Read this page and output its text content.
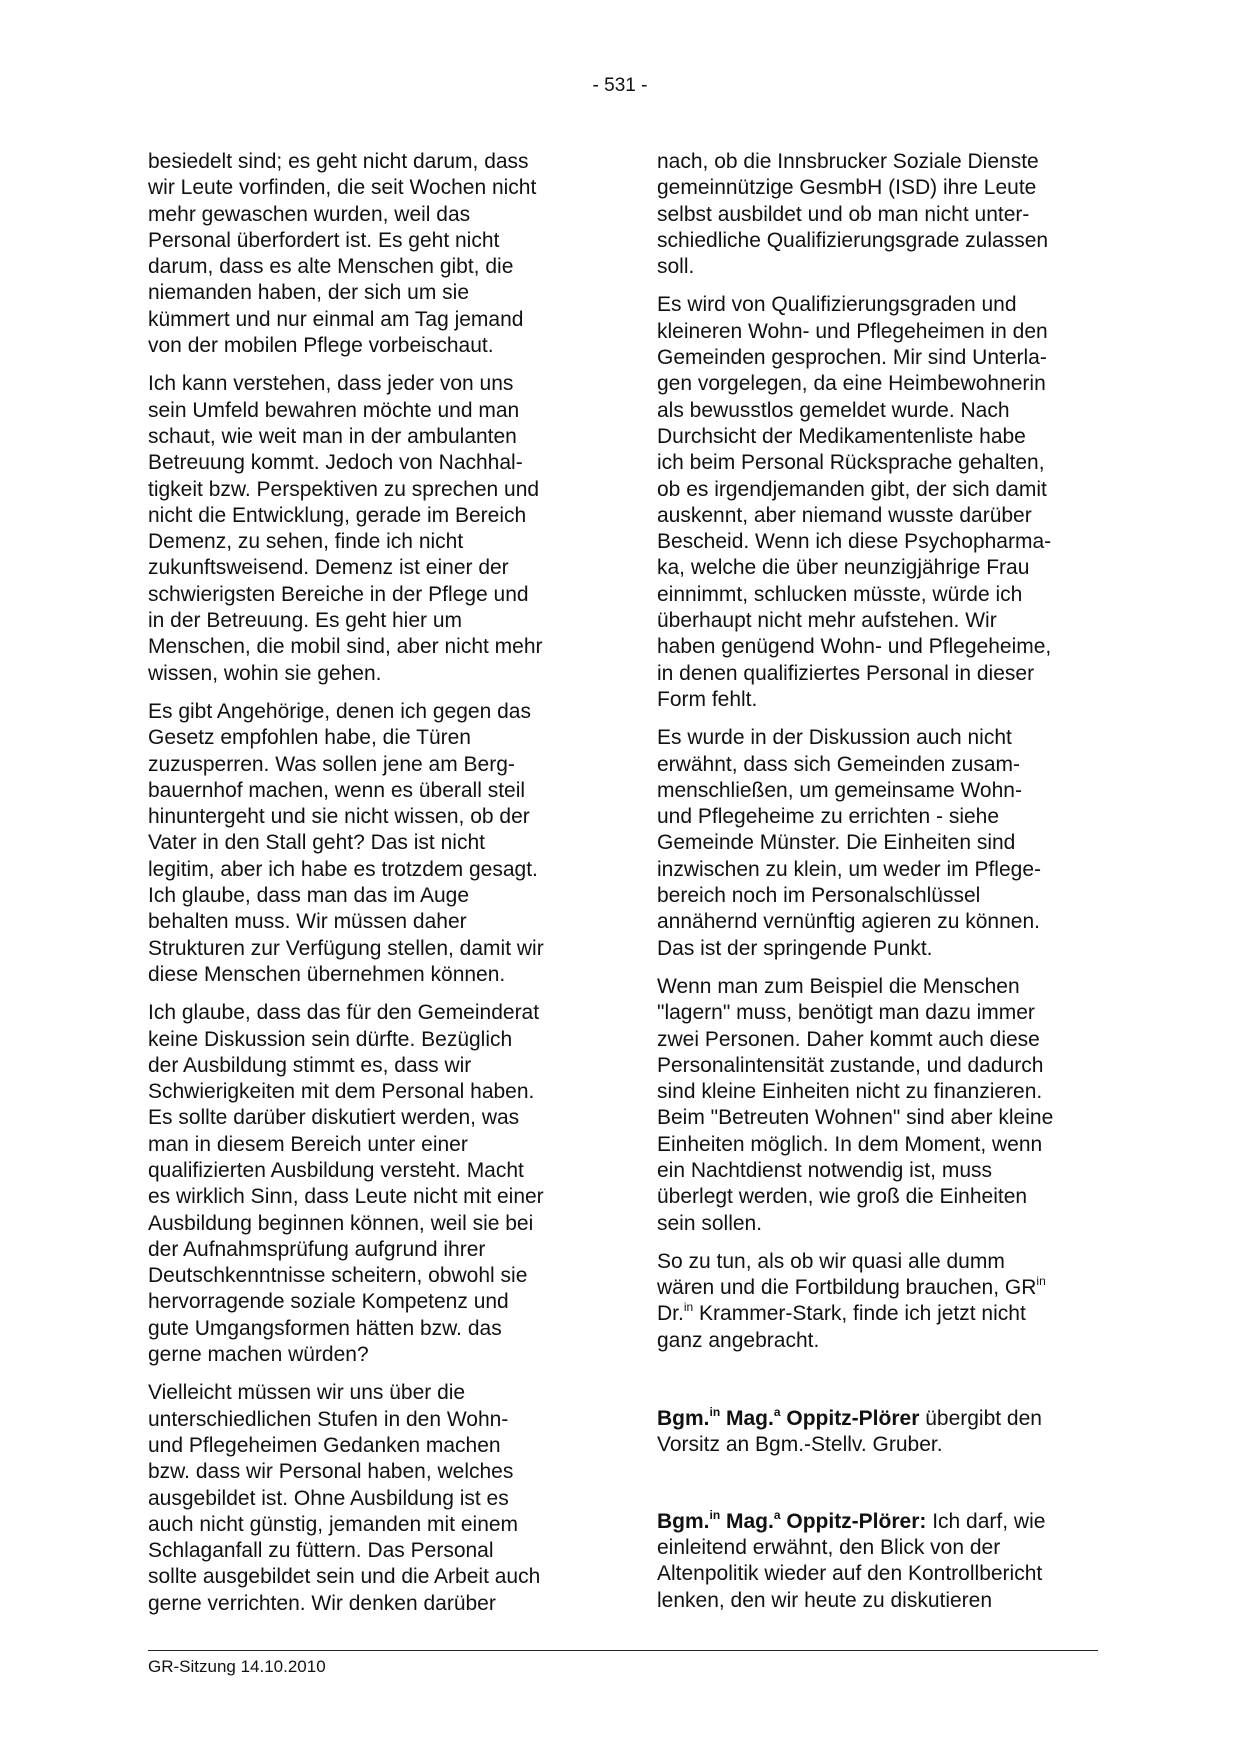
- 531 -

besiedelt sind; es geht nicht darum, dass
wir Leute vorfinden, die seit Wochen nicht
mehr gewaschen wurden, weil das
Personal überfordert ist. Es geht nicht
darum, dass es alte Menschen gibt, die
niemanden haben, der sich um sie
kümmert und nur einmal am Tag jemand
von der mobilen Pflege vorbeischaut.

Ich kann verstehen, dass jeder von uns
sein Umfeld bewahren möchte und man
schaut, wie weit man in der ambulanten
Betreuung kommt. Jedoch von Nachhal-
tigkeit bzw. Perspektiven zu sprechen und
nicht die Entwicklung, gerade im Bereich
Demenz, zu sehen, finde ich nicht
zukunftsweisend. Demenz ist einer der
schwierigsten Bereiche in der Pflege und
in der Betreuung. Es geht hier um
Menschen, die mobil sind, aber nicht mehr
wissen, wohin sie gehen.

Es gibt Angehörige, denen ich gegen das
Gesetz empfohlen habe, die Türen
zuzusperren. Was sollen jene am Berg-
bauernhof machen, wenn es überall steil
hinuntergeht und sie nicht wissen, ob der
Vater in den Stall geht? Das ist nicht
legitim, aber ich habe es trotzdem gesagt.
Ich glaube, dass man das im Auge
behalten muss. Wir müssen daher
Strukturen zur Verfügung stellen, damit wir
diese Menschen übernehmen können.

Ich glaube, dass das für den Gemeinderat
keine Diskussion sein dürfte. Bezüglich
der Ausbildung stimmt es, dass wir
Schwierigkeiten mit dem Personal haben.
Es sollte darüber diskutiert werden, was
man in diesem Bereich unter einer
qualifizierten Ausbildung versteht. Macht
es wirklich Sinn, dass Leute nicht mit einer
Ausbildung beginnen können, weil sie bei
der Aufnahmsprüfung aufgrund ihrer
Deutschkenntnisse scheitern, obwohl sie
hervorragende soziale Kompetenz und
gute Umgangsformen hätten bzw. das
gerne machen würden?

Vielleicht müssen wir uns über die
unterschiedlichen Stufen in den Wohn-
und Pflegeheimen Gedanken machen
bzw. dass wir Personal haben, welches
ausgebildet ist. Ohne Ausbildung ist es
auch nicht günstig, jemanden mit einem
Schlaganfall zu füttern. Das Personal
sollte ausgebildet sein und die Arbeit auch
gerne verrichten. Wir denken darüber

nach, ob die Innsbrucker Soziale Dienste
gemeinnützige GesmbH (ISD) ihre Leute
selbst ausbildet und ob man nicht unter-
schiedliche Qualifizierungsgrade zulassen
soll.

Es wird von Qualifizierungsgraden und
kleineren Wohn- und Pflegeheimen in den
Gemeinden gesprochen. Mir sind Unterla-
gen vorgelegen, da eine Heimbewohnerin
als bewusstlos gemeldet wurde. Nach
Durchsicht der Medikamentenliste habe
ich beim Personal Rücksprache gehalten,
ob es irgendjemanden gibt, der sich damit
auskennt, aber niemand wusste darüber
Bescheid. Wenn ich diese Psychopharma-
ka, welche die über neunzigjährige Frau
einnimmt, schlucken müsste, würde ich
überhaupt nicht mehr aufstehen. Wir
haben genügend Wohn- und Pflegeheime,
in denen qualifiziertes Personal in dieser
Form fehlt.

Es wurde in der Diskussion auch nicht
erwähnt, dass sich Gemeinden zusam-
menschließen, um gemeinsame Wohn-
und Pflegeheime zu errichten - siehe
Gemeinde Münster. Die Einheiten sind
inzwischen zu klein, um weder im Pflege-
bereich noch im Personalschlüssel
annähernd vernünftig agieren zu können.
Das ist der springende Punkt.

Wenn man zum Beispiel die Menschen
"lagern" muss, benötigt man dazu immer
zwei Personen. Daher kommt auch diese
Personalintensität zustande, und dadurch
sind kleine Einheiten nicht zu finanzieren.
Beim "Betreuten Wohnen" sind aber kleine
Einheiten möglich. In dem Moment, wenn
ein Nachtdienst notwendig ist, muss
überlegt werden, wie groß die Einheiten
sein sollen.

So zu tun, als ob wir quasi alle dumm
wären und die Fortbildung brauchen, $GR^{in}$
Dr.$^{in}$ Krammer-Stark, finde ich jetzt nicht
ganz angebracht.

Bgm.$^{in}$ Mag.$^a$ Oppitz-Plörer übergibt den
Vorsitz an Bgm.-Stellv. Gruber.

Bgm.$^{in}$ Mag.$^a$ Oppitz-Plörer: Ich darf, wie
einleitend erwähnt, den Blick von der
Altenpolitik wieder auf den Kontrollbericht
lenken, den wir heute zu diskutieren

GR-Sitzung 14.10.2010
